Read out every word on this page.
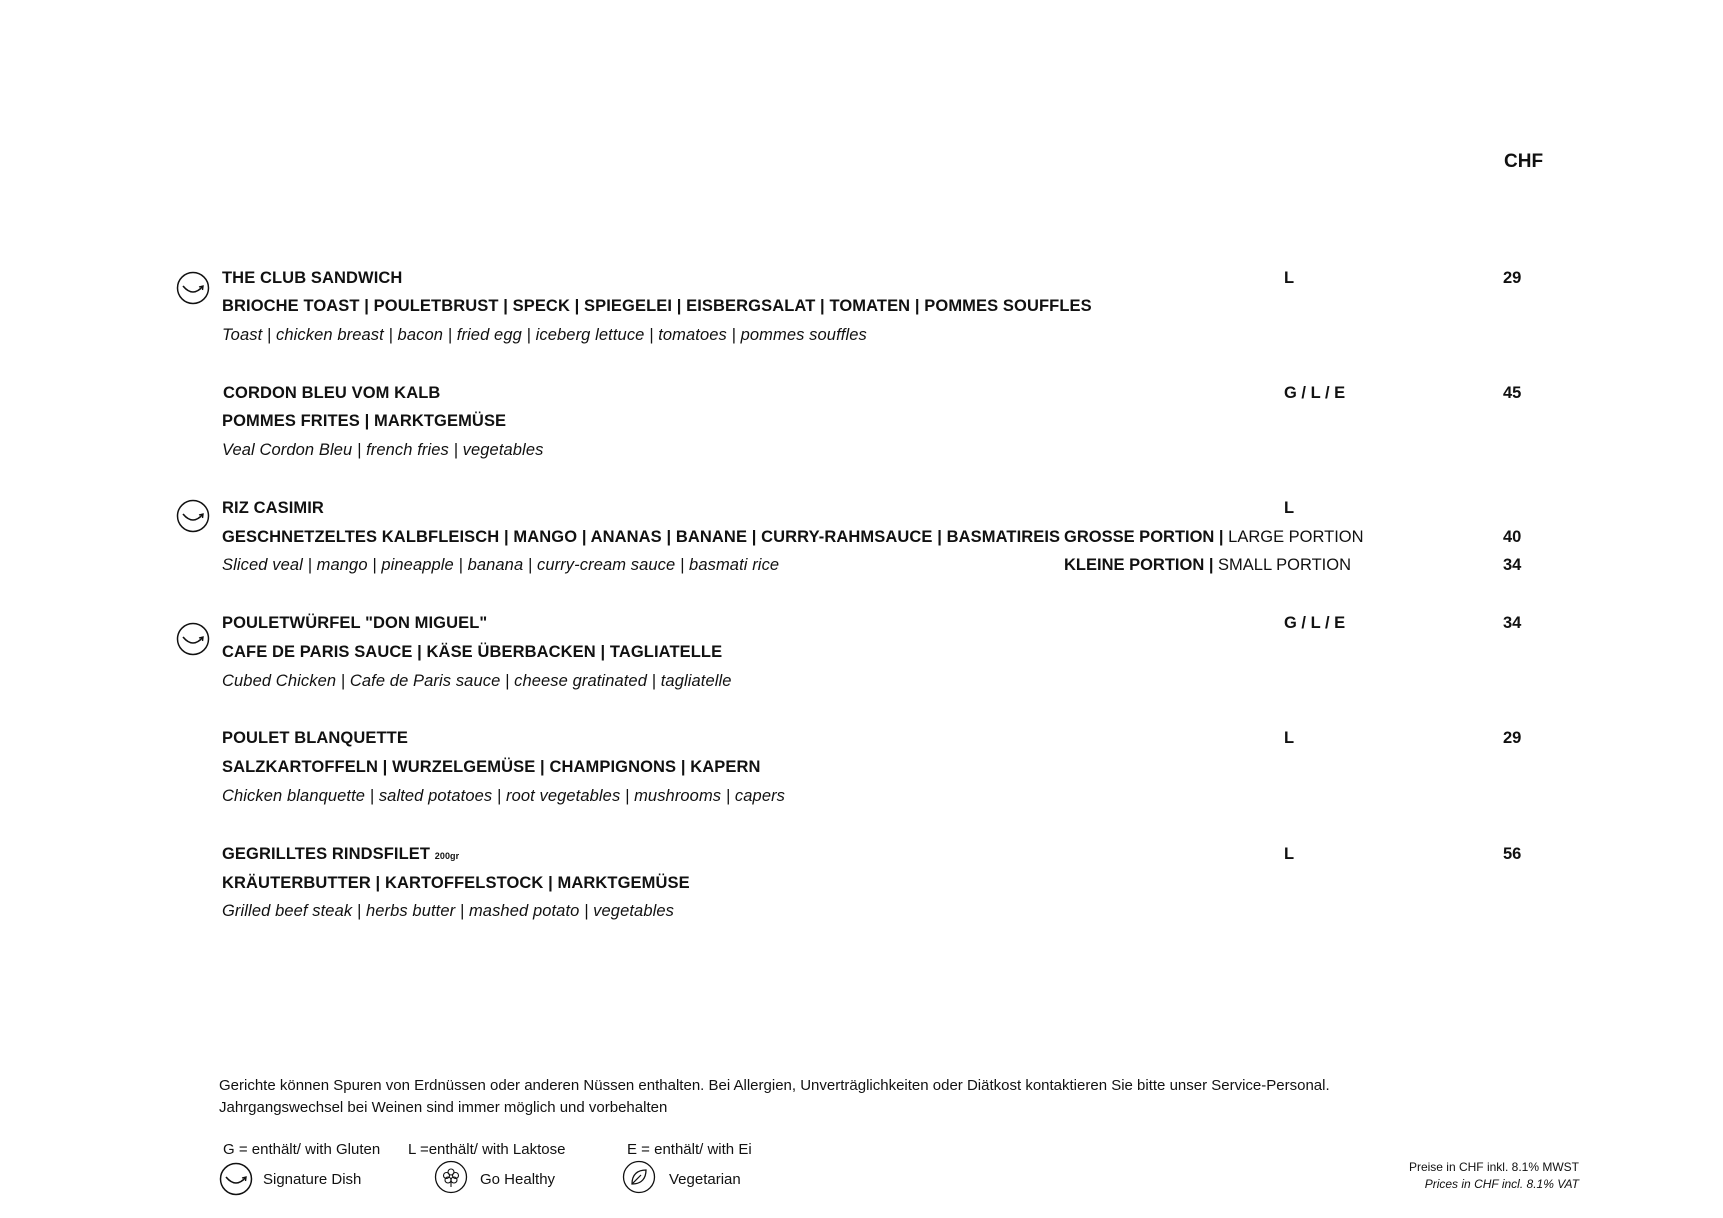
CHF
THE CLUB SANDWICH
BRIOCHE TOAST | POULETBRUST | SPECK | SPIEGELEI | EISBERGSALAT | TOMATEN | POMMES SOUFFLES
Toast | chicken breast | bacon | fried egg | iceberg lettuce | tomatoes | pommes souffles
L	29
CORDON BLEU VOM KALB
POMMES FRITES | MARKTGEMÜSE
Veal Cordon Bleu | french fries | vegetables
G / L / E	45
RIZ CASIMIR
GESCHNETZELTES KALBFLEISCH | MANGO | ANANAS | BANANE | CURRY-RAHMSAUCE | BASMATIREIS
Sliced veal | mango | pineapple | banana | curry-cream sauce | basmati rice
L
GROSSE PORTION | LARGE PORTION	40
KLEINE PORTION | SMALL PORTION	34
POULETWÜRFEL "DON MIGUEL"
CAFE DE PARIS SAUCE | KÄSE ÜBERBACKEN | TAGLIATELLE
Cubed Chicken | Cafe de Paris sauce | cheese gratinated | tagliatelle
G / L / E	34
POULET BLANQUETTE
SALZKARTOFFELN | WURZELGEMÜSE | CHAMPIGNONS | KAPERN
Chicken blanquette | salted potatoes | root vegetables | mushrooms | capers
L	29
GEGRILLTES RINDSFILET 200gr
KRÄUTERBUTTER | KARTOFFELSTOCK | MARKTGEMÜSE
Grilled beef steak | herbs butter | mashed potato | vegetables
L	56
Gerichte können Spuren von Erdnüssen oder anderen Nüssen enthalten. Bei Allergien, Unverträglichkeiten oder Diätkost kontaktieren Sie bitte unser Service-Personal.
Jahrgangswechsel bei Weinen sind immer möglich und vorbehalten
G = enthält/ with Gluten L =enthält/ with Laktose	E = enthält/ with Ei
Signature Dish	Go Healthy	Vegetarian
Preise in CHF inkl. 8.1% MWST
Prices in CHF incl. 8.1% VAT
